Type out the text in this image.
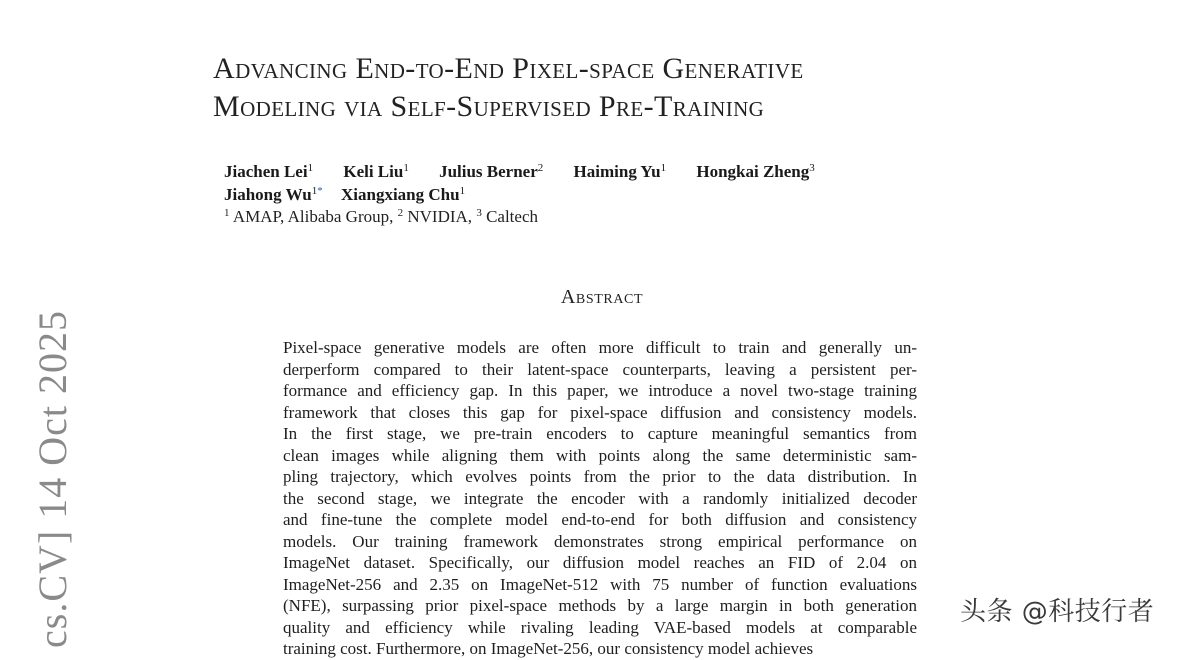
cs.CV] 14 Oct 2025
Advancing End-to-End Pixel-space Generative
Modeling via Self-Supervised Pre-Training
Jiachen Lei$^1$ Keli Liu$^1$ Julius Berner$^2$ Haiming Yu$^1$ Hongkai Zheng$^3$
Jiahong $Wu^{1*}$ Xiangxiang Chu$^1$
$^1$ AMAP, Alibaba Group, $^2$ NVIDIA, $^3$ Caltech
Abstract
Pixel-space generative models are often more difficult to train and generally un-
derperform compared to their latent-space counterparts, leaving a persistent per-
formance and efficiency gap. In this paper, we introduce a novel two-stage training
framework that closes this gap for pixel-space diffusion and consistency models.
In the first stage, we pre-train encoders to capture meaningful semantics from
clean images while aligning them with points along the same deterministic sam-
pling trajectory, which evolves points from the prior to the data distribution. In
the second stage, we integrate the encoder with a randomly initialized decoder
and fine-tune the complete model end-to-end for both diffusion and consistency
models. Our training framework demonstrates strong empirical performance on
ImageNet dataset. Specifically, our diffusion model reaches an FID of 2.04 on
ImageNet-256 and 2.35 on ImageNet-512 with 75 number of function evaluations
(NFE), surpassing prior pixel-space methods by a large margin in both generation
quality and efficiency while rivaling leading VAE-based models at comparable
training cost. Furthermore, on ImageNet-256, our consistency model achieves
头条 @科技行者
